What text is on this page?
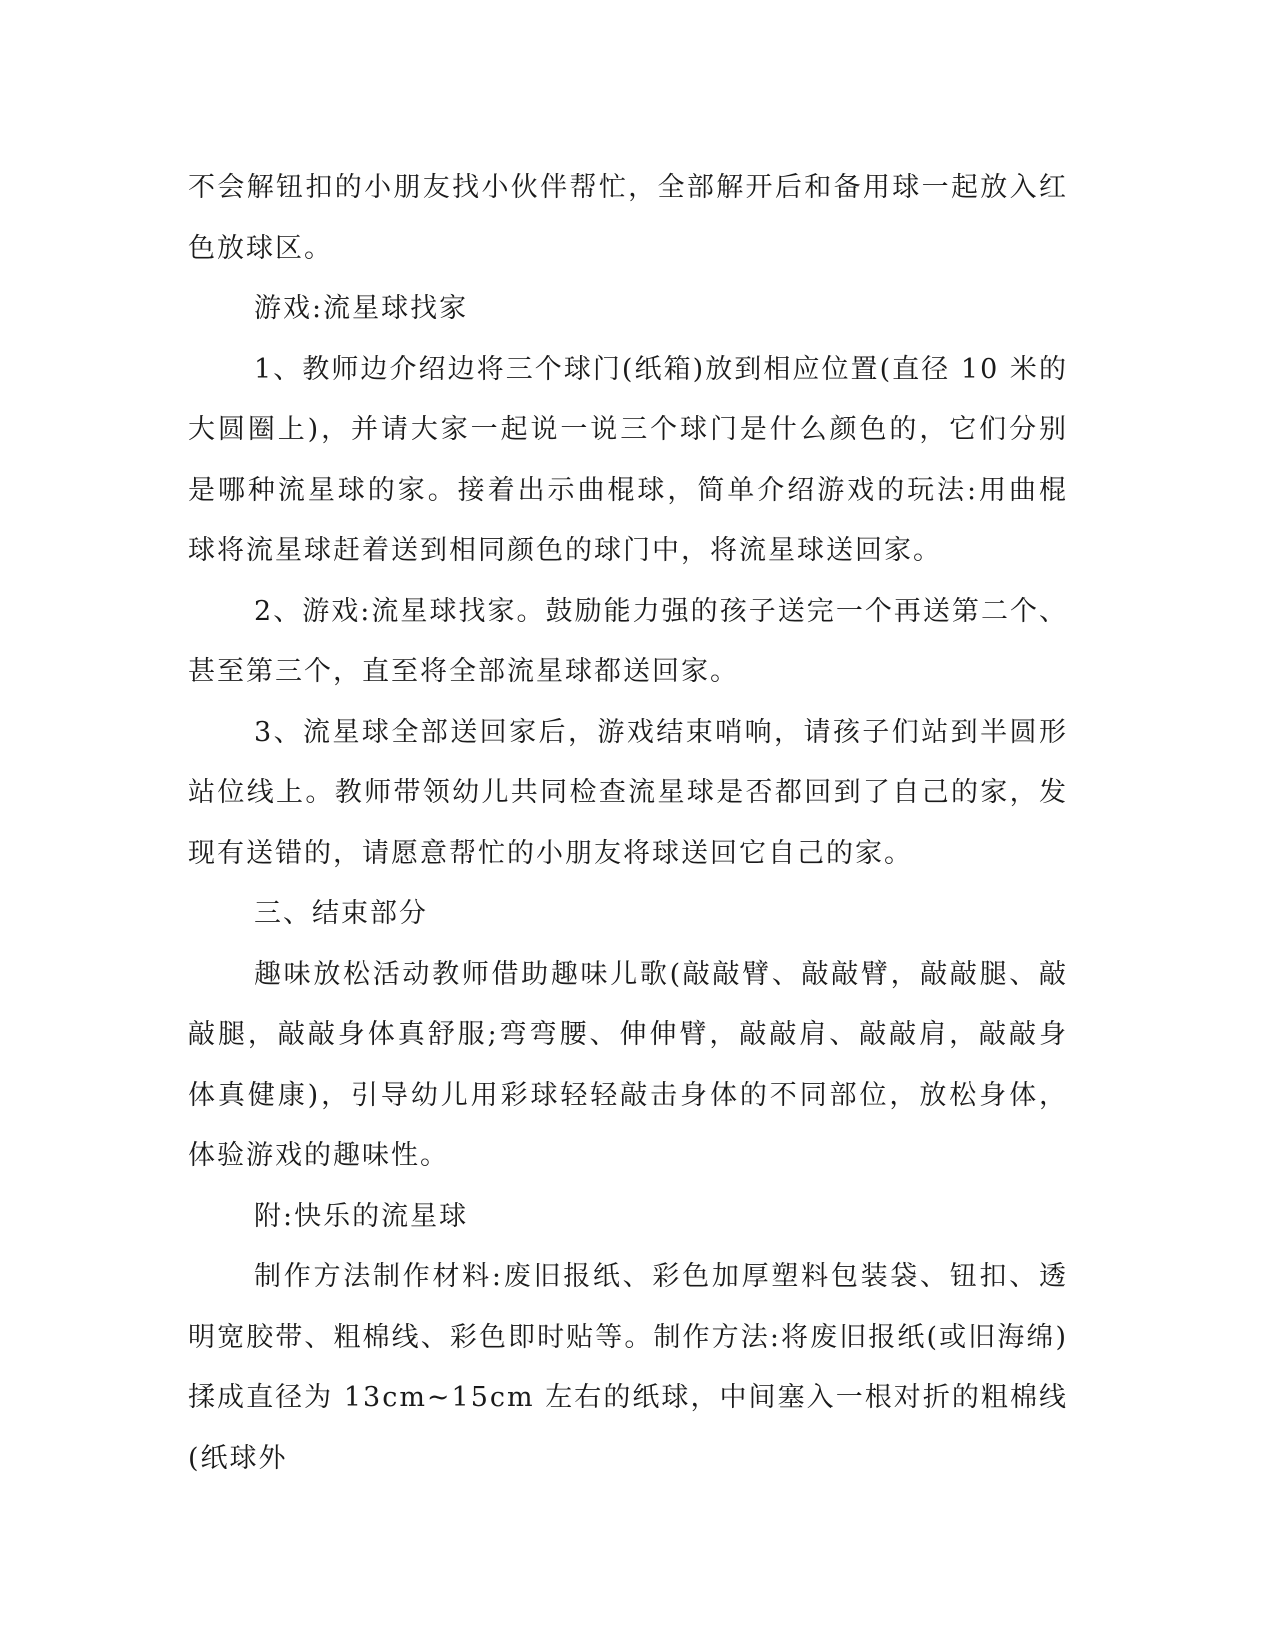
不会解钮扣的小朋友找小伙伴帮忙，全部解开后和备用球一起放入红色放球区。

游戏:流星球找家

1、教师边介绍边将三个球门(纸箱)放到相应位置(直径 10 米的大圆圈上)，并请大家一起说一说三个球门是什么颜色的，它们分别是哪种流星球的家。接着出示曲棍球，简单介绍游戏的玩法:用曲棍球将流星球赶着送到相同颜色的球门中，将流星球送回家。

2、游戏:流星球找家。鼓励能力强的孩子送完一个再送第二个、甚至第三个，直至将全部流星球都送回家。

3、流星球全部送回家后，游戏结束哨响，请孩子们站到半圆形站位线上。教师带领幼儿共同检查流星球是否都回到了自己的家，发现有送错的，请愿意帮忙的小朋友将球送回它自己的家。

三、结束部分

趣味放松活动教师借助趣味儿歌(敲敲臂、敲敲臂，敲敲腿、敲敲腿，敲敲身体真舒服;弯弯腰、伸伸臂，敲敲肩、敲敲肩，敲敲身体真健康)，引导幼儿用彩球轻轻敲击身体的不同部位，放松身体，体验游戏的趣味性。

附:快乐的流星球

制作方法制作材料:废旧报纸、彩色加厚塑料包装袋、钮扣、透明宽胶带、粗棉线、彩色即时贴等。制作方法:将废旧报纸(或旧海绵)揉成直径为 13cm~15cm 左右的纸球，中间塞入一根对折的粗棉线(纸球外
